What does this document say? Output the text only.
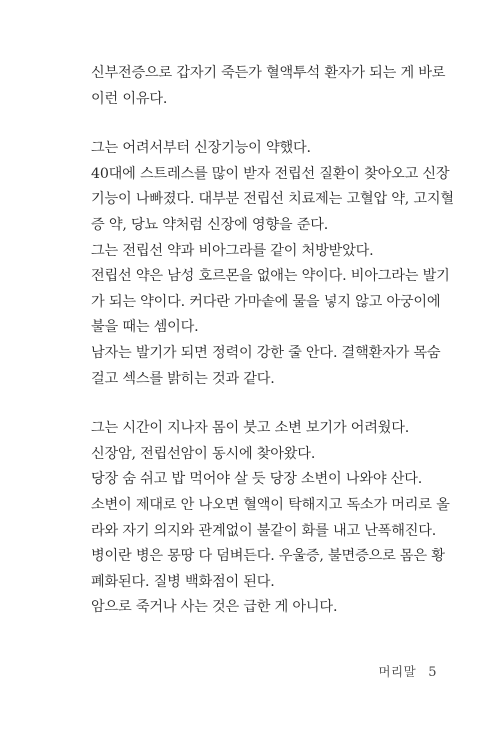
신부전증으로 갑자기 죽든가 혈액투석 환자가 되는 게 바로
이런 이유다.

그는 어려서부터 신장기능이 약했다.
40대에 스트레스를 많이 받자 전립선 질환이 찾아오고 신장
기능이 나빠졌다. 대부분 전립선 치료제는 고혈압 약, 고지혈
증 약, 당뇨 약처럼 신장에 영향을 준다.
그는 전립선 약과 비아그라를 같이 처방받았다.
전립선 약은 남성 호르몬을 없애는 약이다. 비아그라는 발기
가 되는 약이다. 커다란 가마솥에 물을 넣지 않고 아궁이에
불을 때는 셈이다.
남자는 발기가 되면 정력이 강한 줄 안다. 결핵환자가 목숨
걸고 섹스를 밝히는 것과 같다.

그는 시간이 지나자 몸이 붓고 소변 보기가 어려웠다.
신장암, 전립선암이 동시에 찾아왔다.
당장 숨 쉬고 밥 먹어야 살 듯 당장 소변이 나와야 산다.
소변이 제대로 안 나오면 혈액이 탁해지고 독소가 머리로 올
라와 자기 의지와 관계없이 불같이 화를 내고 난폭해진다.
병이란 병은 몽땅 다 덤벼든다. 우울증, 불면증으로 몸은 황
폐화된다. 질병 백화점이 된다.
암으로 죽거나 사는 것은 급한 게 아니다.

머리말 5
